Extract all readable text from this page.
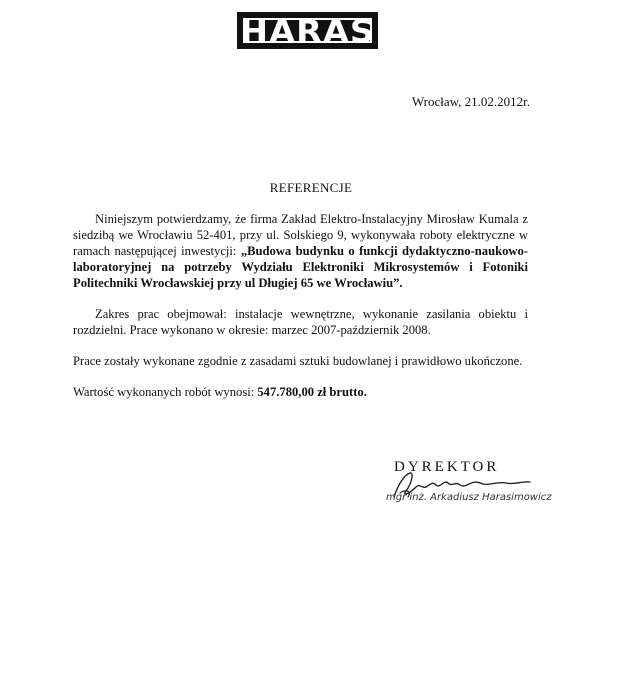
HARAS
Wrocław, 21.02.2012r.
REFERENCJE

Niniejszym potwierdzamy, że firma Zakład Elektro-Instalacyjny Mirosław Kumala z siedzibą we Wrocławiu 52-401, przy ul. Solskiego 9, wykonywała roboty elektryczne w ramach następującej inwestycji: „Budowa budynku o funkcji dydaktyczno-naukowo-laboratoryjnej na potrzeby Wydziału Elektroniki Mikrosystemów i Fotoniki Politechniki Wrocławskiej przy ul Długiej 65 we Wrocławiu”.

Zakres prac obejmował: instalacje wewnętrzne, wykonanie zasilania obiektu i rozdzielni. Prace wykonano w okresie: marzec 2007-październik 2008.

Prace zostały wykonane zgodnie z zasadami sztuki budowlanej i prawidłowo ukończone.

Wartość wykonanych robót wynosi: 547.780,00 zł brutto.

DYREKTOR
mgr inż. Arkadiusz Harasimowicz
